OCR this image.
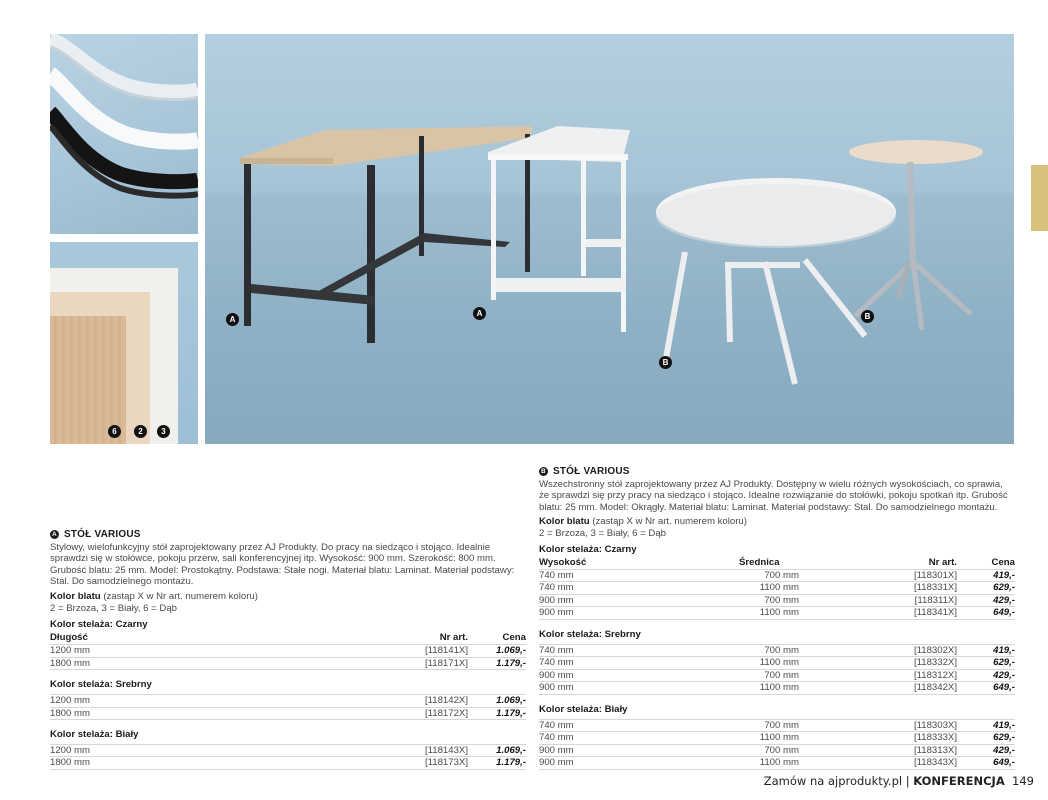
6	2	3
A
A
B
B
A STÓŁ VARIOUS
Stylowy, wielofunkcyjny stół zaprojektowany przez AJ Produkty. Do pracy na siedząco i stojąco. Idealnie sprawdzi się w stołówce, pokoju przerw, sali konferencyjnej itp. Wysokość: 900 mm. Szerokość: 800 mm. Grubość blatu: 25 mm. Model: Prostokątny. Podstawa: Stałe nogi. Materiał blatu: Laminat. Materiał podstawy: Stal. Do samodzielnego montażu.
Kolor blatu (zastąp X w Nr art. numerem koloru)
2 = Brzoza, 3 = Biały, 6 = Dąb
Kolor stelaża: Czarny
Długość	Nr art.	Cena
1200 mm	[118141X]	1.069,-
1800 mm	[118171X]	1.179,-
Kolor stelaża: Srebrny
1200 mm	[118142X]	1.069,-
1800 mm	[118172X]	1.179,-
Kolor stelaża: Biały
1200 mm	[118143X]	1.069,-
1800 mm	[118173X]	1.179,-
B STÓŁ VARIOUS
Wszechstronny stół zaprojektowany przez AJ Produkty. Dostępny w wielu różnych wysokościach, co sprawia, że sprawdzi się przy pracy na siedząco i stojąco. Idealne rozwiązanie do stołówki, pokoju spotkań itp. Grubość blatu: 25 mm. Model: Okrągły. Materiał blatu: Laminat. Materiał podstawy: Stal. Do samodzielnego montażu.
Kolor blatu (zastąp X w Nr art. numerem koloru)
2 = Brzoza, 3 = Biały, 6 = Dąb
Kolor stelaża: Czarny
Wysokość	Średnica	Nr art.	Cena
740 mm	700 mm	[118301X]	419,-
740 mm	1100 mm	[118331X]	629,-
900 mm	700 mm	[118311X]	429,-
900 mm	1100 mm	[118341X]	649,-
Kolor stelaża: Srebrny
740 mm	700 mm	[118302X]	419,-
740 mm	1100 mm	[118332X]	629,-
900 mm	700 mm	[118312X]	429,-
900 mm	1100 mm	[118342X]	649,-
Kolor stelaża: Biały
740 mm	700 mm	[118303X]	419,-
740 mm	1100 mm	[118333X]	629,-
900 mm	700 mm	[118313X]	429,-
900 mm	1100 mm	[118343X]	649,-
Zamów na ajprodukty.pl | KONFERENCJA 149
